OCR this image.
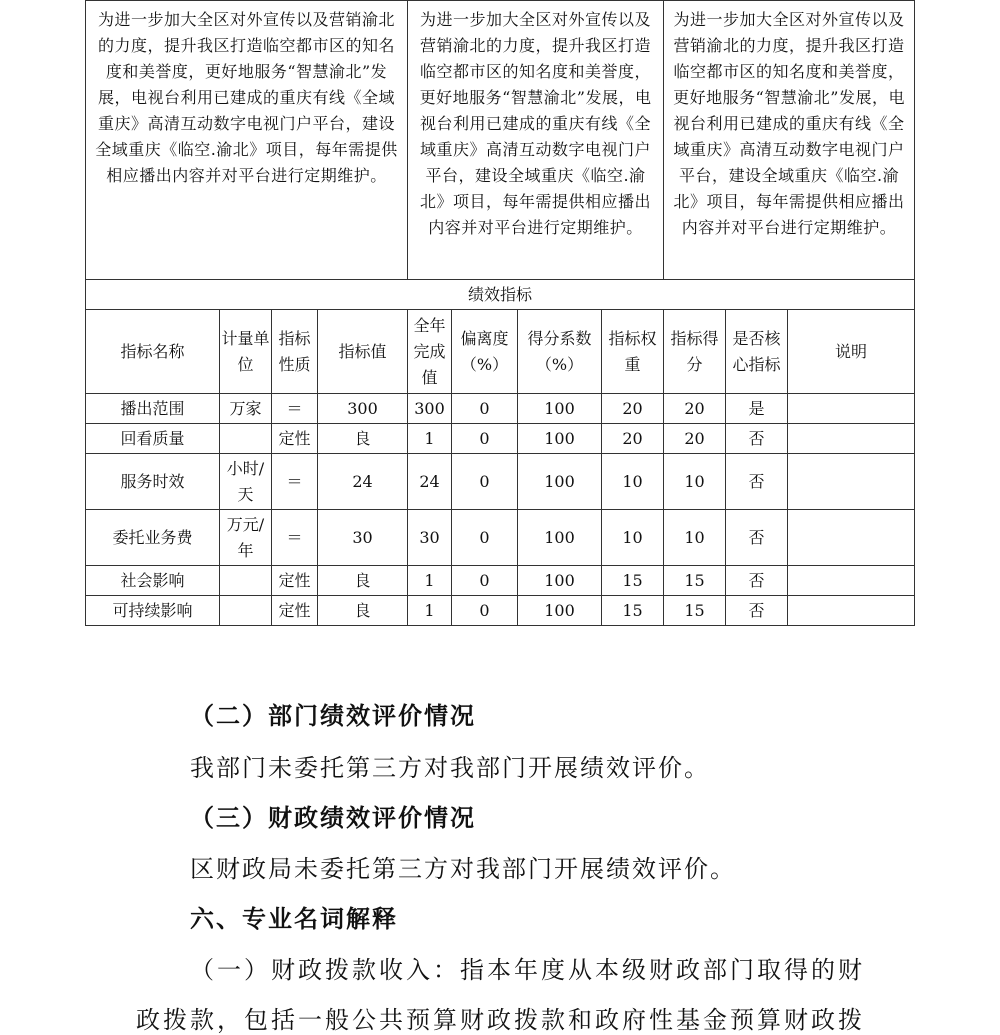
为进一步加大全区对外宣传以及营销渝北的力度，提升我区打造临空都市区的知名度和美誉度，更好地服务“智慧渝北”发展，电视台利用已建成的重庆有线《全域重庆》高清互动数字电视门户平台，建设全域重庆《临空.渝北》项目，每年需提供相应播出内容并对平台进行定期维护。				为进一步加大全区对外宣传以及营销渝北的力度，提升我区打造临空都市区的知名度和美誉度，更好地服务“智慧渝北”发展，电视台利用已建成的重庆有线《全域重庆》高清互动数字电视门户平台，建设全域重庆《临空.渝北》项目，每年需提供相应播出内容并对平台进行定期维护。				为进一步加大全区对外宣传以及营销渝北的力度，提升我区打造临空都市区的知名度和美誉度，更好地服务“智慧渝北”发展，电视台利用已建成的重庆有线《全域重庆》高清互动数字电视门户平台，建设全域重庆《临空.渝北》项目，每年需提供相应播出内容并对平台进行定期维护。		
绩效指标										
指标名称	计量单位	指标性质	指标值	全年完成值	偏离度（%）	得分系数（%）	指标权重	指标得分	是否核心指标	说明
播出范围	万家	＝	300	300	0	100	20	20	是	
回看质量		定性	良	1	0	100	20	20	否	
服务时效	小时/天	＝	24	24	0	100	10	10	否	
委托业务费	万元/年	＝	30	30	0	100	10	10	否	
社会影响		定性	良	1	0	100	15	15	否	
可持续影响		定性	良	1	0	100	15	15	否	
（二）部门绩效评价情况
我部门未委托第三方对我部门开展绩效评价。
（三）财政绩效评价情况
区财政局未委托第三方对我部门开展绩效评价。
六、专业名词解释
（一）财政拨款收入：指本年度从本级财政部门取得的财
政拨款，包括一般公共预算财政拨款和政府性基金预算财政拨
